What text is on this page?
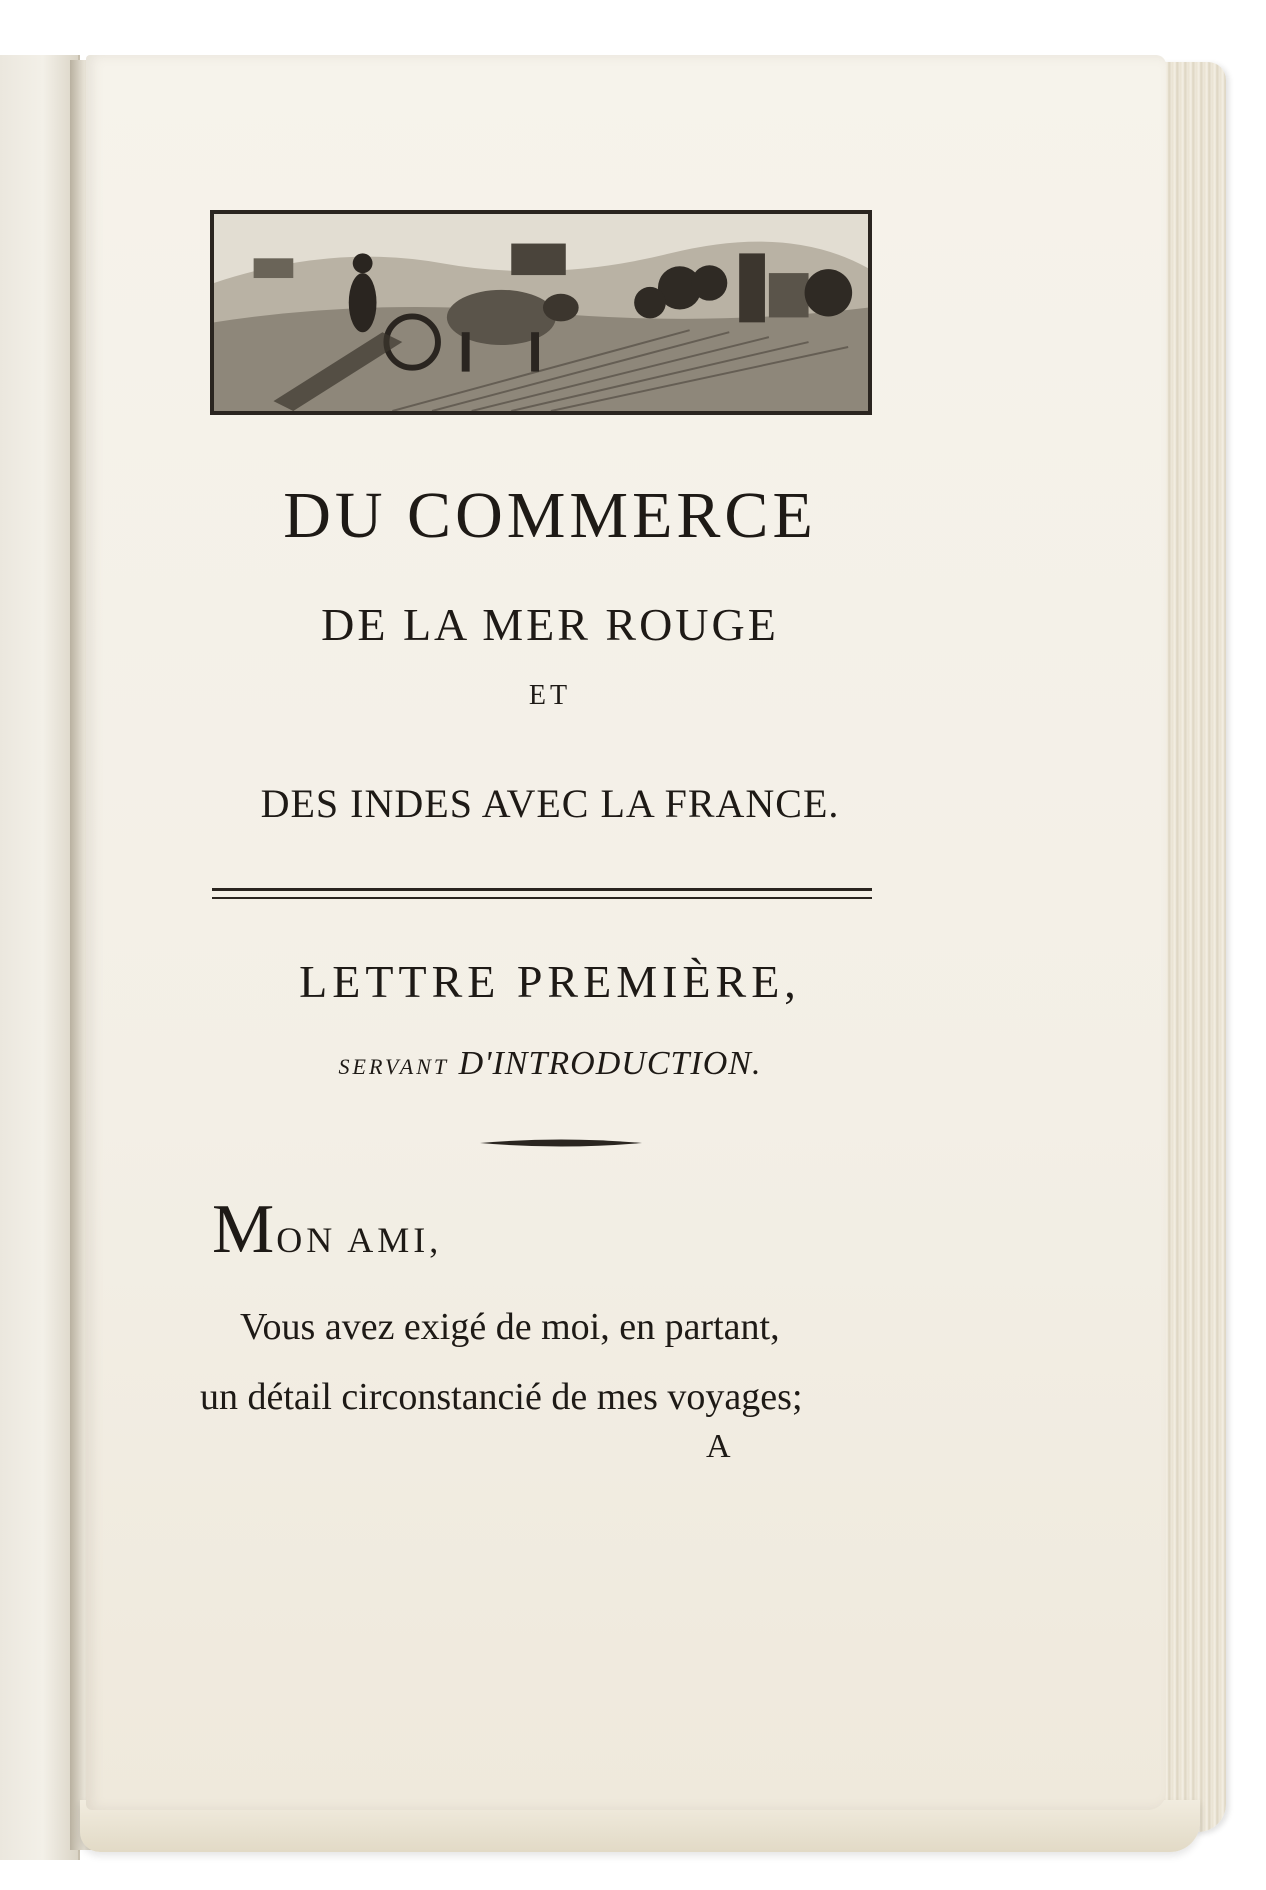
DU COMMERCE
DE LA MER ROUGE
ET
DES INDES AVEC LA FRANCE.
LETTRE PREMIÈRE,
SERVANT D'INTRODUCTION.
MON AMI,
Vous avez exigé de moi, en partant,
un détail circonstancié de mes voyages;
A
